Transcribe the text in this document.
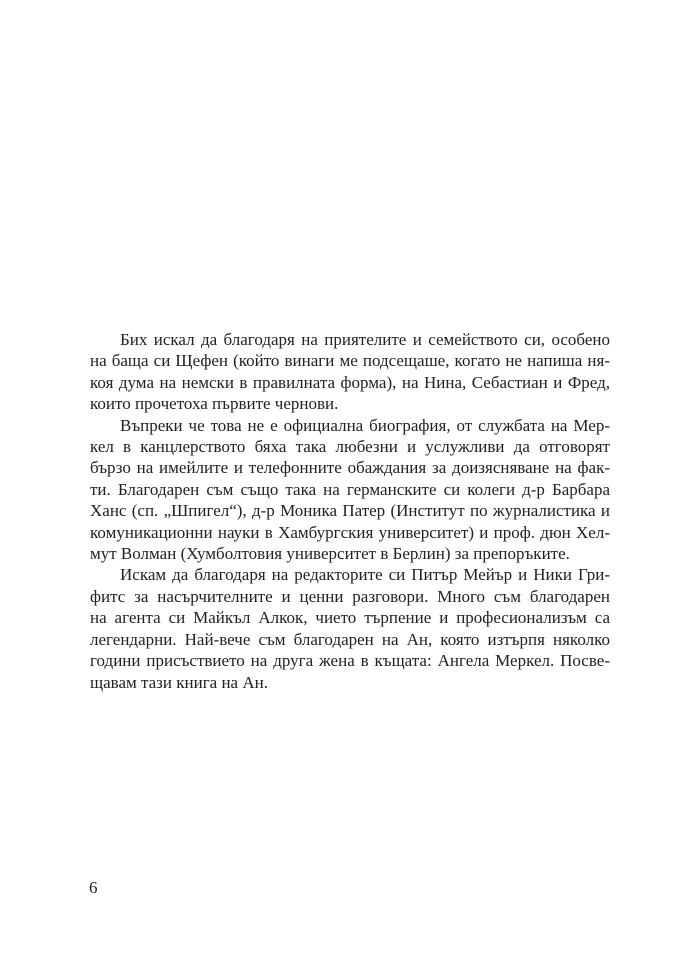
Бих искал да благодаря на приятелите и семейството си, особено
на баща си Щефен (който винаги ме подсещаше, когато не напиша ня-
коя дума на немски в правилната форма), на Нина, Себастиан и Фред,
които прочетоха първите чернови.

Въпреки че това не е официална биография, от службата на Мер-
кел в канцлерството бяха така любезни и услужливи да отговорят
бързо на имейлите и телефонните обаждания за доизясняване на фак-
ти. Благодарен съм също така на германските си колеги д-р Барбара
Ханс (сп. „Шпигел“), д-р Моника Патер (Институт по журналистика и
комуникационни науки в Хамбургския университет) и проф. дюн Хел-
мут Волман (Хумболтовия университет в Берлин) за препоръките.

Искам да благодаря на редакторите си Питър Мейър и Ники Гри-
фитс за насърчителните и ценни разговори. Много съм благодарен
на агента си Майкъл Алкок, чието търпение и професионализъм са
легендарни. Най-вече съм благодарен на Ан, която изтърпя няколко
години присъствието на друга жена в къщата: Ангела Меркел. Посве-
щавам тази книга на Ан.

6
